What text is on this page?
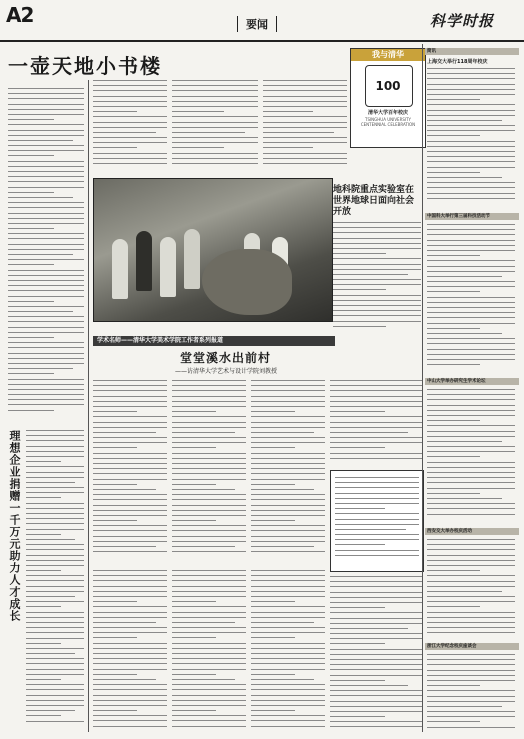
A2	要闻	科学时报
一壶天地小书楼	我与清华
100
清华大学百年校庆
TSINGHUA UNIVERSITY CENTENNIAL CELEBRATION
地科院重点实验室在世界地球日面向社会开放
学术名师——清华大学美术学院工作者系列报道
堂堂溪水出前村
——访清华大学艺术与设计学院刘教授
理想企业捐赠一千万元助力人才成长
简讯
上海交大举行118周年校庆
中国科大举行第三届科技活动节
中山大学举办研究生学术论坛
西安交大举办校庆活动
浙江大学纪念校庆座谈会
